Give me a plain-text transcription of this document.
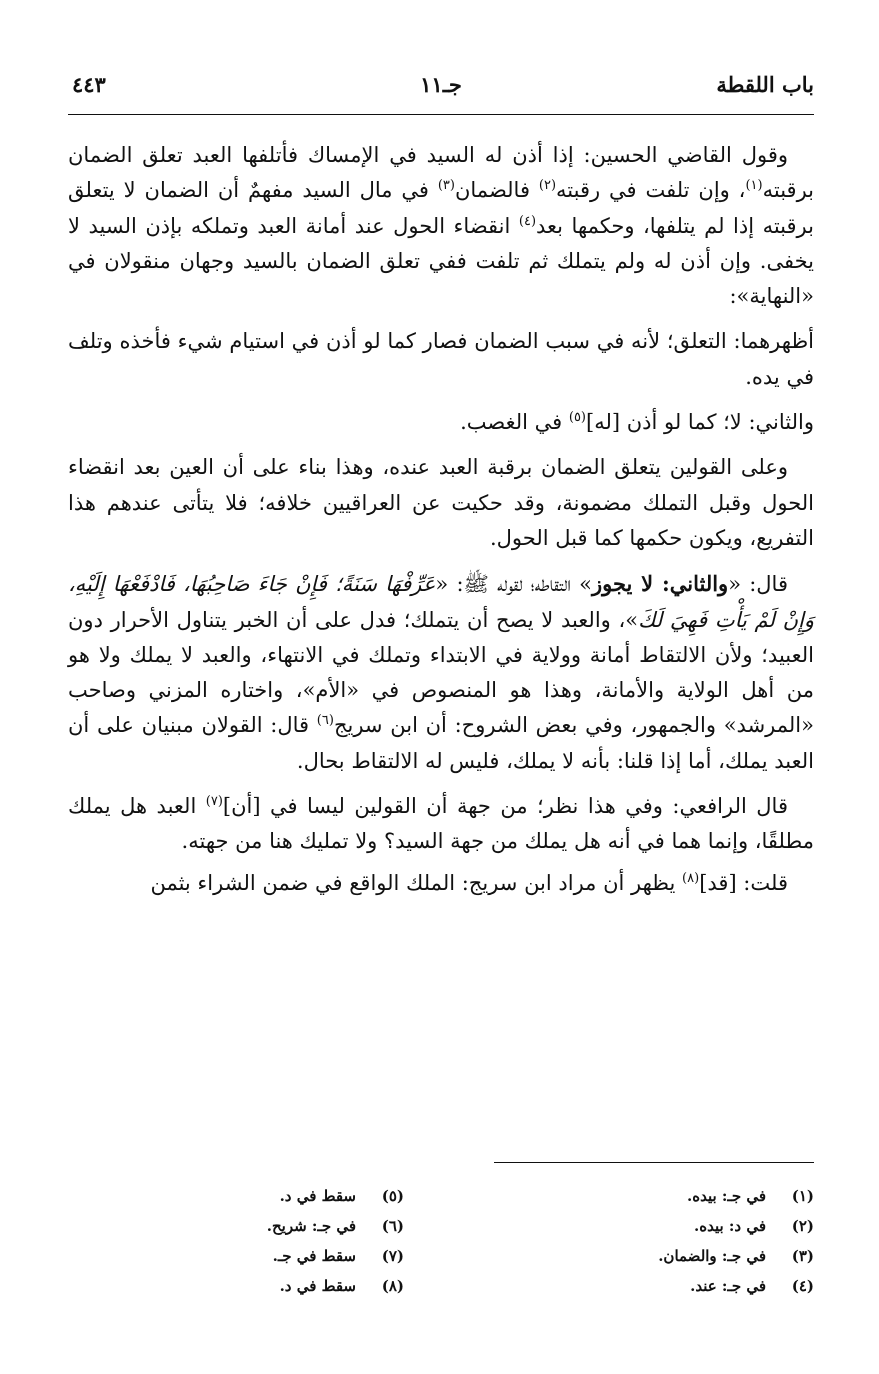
باب اللقطة
جـ١١
٤٤٣

وقول القاضي الحسين: إذا أذن له السيد في الإمساك فأتلفها العبد تعلق الضمان برقبته$^{(١)}$، وإن تلفت في رقبته$^{(٢)}$ فالضمان$^{(٣)}$ في مال السيد مفهمٌ أن الضمان لا يتعلق برقبته إذا لم يتلفها، وحكمها بعد$^{(٤)}$ انقضاء الحول عند أمانة العبد وتملكه بإذن السيد لا يخفى. وإن أذن له ولم يتملك ثم تلفت ففي تعلق الضمان بالسيد وجهان منقولان في «النهاية»:

أظهرهما: التعلق؛ لأنه في سبب الضمان فصار كما لو أذن في استيام شيء فأخذه وتلف في يده.

والثاني: لا؛ كما لو أذن [له]$^{(٥)}$ في الغصب.

وعلى القولين يتعلق الضمان برقبة العبد عنده، وهذا بناء على أن العين بعد انقضاء الحول وقبل التملك مضمونة، وقد حكيت عن العراقيين خلافه؛ فلا يتأتى عندهم هذا التفريع، ويكون حكمها كما قبل الحول.

قال: «والثاني: لا يجوز» التقاطه؛ لقوله ﷺ: «عَرِّفْهَا سَنَةً؛ فَإِنْ جَاءَ صَاحِبُهَا، فَادْفَعْهَا إِلَيْهِ، وَإِنْ لَمْ يَأْتِ فَهِيَ لَكَ»، والعبد لا يصح أن يتملك؛ فدل على أن الخبر يتناول الأحرار دون العبيد؛ ولأن الالتقاط أمانة وولاية في الابتداء وتملك في الانتهاء، والعبد لا يملك ولا هو من أهل الولاية والأمانة، وهذا هو المنصوص في «الأم»، واختاره المزني وصاحب «المرشد» والجمهور، وفي بعض الشروح: أن ابن سريج$^{(٦)}$ قال: القولان مبنيان على أن العبد يملك، أما إذا قلنا: بأنه لا يملك، فليس له الالتقاط بحال.

قال الرافعي: وفي هذا نظر؛ من جهة أن القولين ليسا في [أن]$^{(٧)}$ العبد هل يملك مطلقًا، وإنما هما في أنه هل يملك من جهة السيد؟ ولا تمليك هنا من جهته.

قلت: [قد]$^{(٨)}$ يظهر أن مراد ابن سريج: الملك الواقع في ضمن الشراء بثمن

(١)في جـ: بيده.
(٢)في د: بيده.
(٣)في جـ: والضمان.
(٤)في جـ: عند.
(٥)سقط في د.
(٦)في جـ: شريح.
(٧)سقط في جـ.
(٨)سقط في د.
